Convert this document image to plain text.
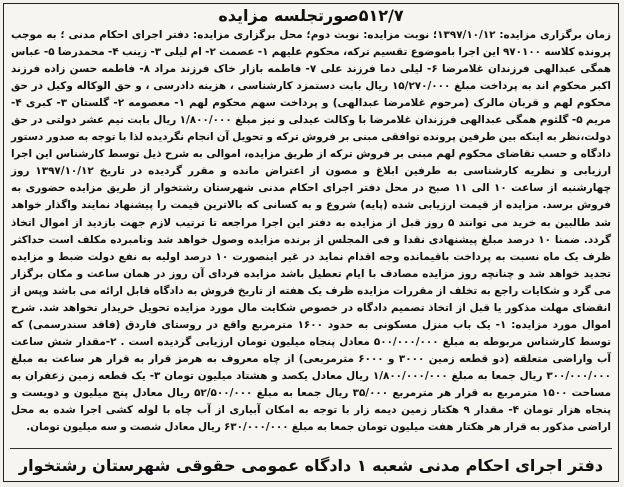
۵۱۲/۷صورتجلسه مزایده
زمان برگزاری مزایده: ۱۳۹۷/۱۰/۱۲؛ نوبت مزایده: نوبت دوم؛ محل برگزاری مزایده: دفتر اجرای احکام مدنی ؛ به موجب پرونده کلاسه ۹۷۰۱۰۰ این اجرا باموضوع تقسیم ترکه، محکوم علیهم ۱- عصمت ۲- ام لیلی ۳- زینب ۴- محمدرضا ۵- عباس همگی عبدالهی فرزندان غلامرضا ۶- لیلی دما فرزند علی ۷- فاطمه بازار خاک فرزند مراد ۸- فاطمه حسن زاده فرزند اکبر محکوم اند به پرداخت مبلغ ۱۵/۲۷۰/۰۰۰ ریال بابت دستمزد کارشناسی ، هزینه دادرسی ، و حق الوکاله وکیل در حق محکوم لهم و قربان مالرک (مرحوم غلامرضا عبدالهی) و پرداخت سهم محکوم لهم ۱- معصومه ۲- گلستان ۳- کبری ۴- مریم ۵- گلثوم همگی عبدالهی فرزندان غلامرضا با وکالت عیدلی و نیز مبلغ ۱/۸۰۰/۰۰۰ ریال بابت نیم عشر دولتی در حق دولت،نظر به اینکه بین طرفین پرونده توافقی مبنی بر فروش ترکه و تحویل آن انجام نگردیده لذا با توجه به صدور دستور دادگاه و حسب تقاضای محکوم لهم مبنی بر فروش ترکه از طریق مزایده، اموالی به شرح ذیل توسط کارشناس این اجرا ارزیابی و نظریه کارشناسی به طرفین ابلاغ و مصون از اعتراض مانده و مقرر گردیده در تاریخ ۱۳۹۷/۱۰/۱۲ روز چهارشنبه از ساعت ۱۰ الی ۱۱ صبح در محل دفتر اجرای احکام مدنی شهرستان رشتخوار از طریق مزایده حضوری به فروش برسد. مزایده از قیمت ارزیابی شده (پایه) شروع و به کسانی که بالاترین قیمت را پیشنهاد نمایند واگذار خواهد شد طالبین به خرید می توانند ۵ روز قبل از مزایده به دفتر این اجرا مراجعه تا ترتیب لازم جهت بازدید از اموال اتخاذ گردد. ضمنا ۱۰ درصد مبلغ پیشنهادی نقدا و فی المجلس از برنده مزایده وصول خواهد شد ونامبرده مکلف است حداکثر ظرف یک ماه نسبت به پرداخت باقیمانده وجه اقدام نماید در غیر اینصورت ۱۰ درصد اولیه به نفع دولت ضبط و مزایده تجدید خواهد شد و چنانچه روز مزایده مصادف با ایام تعطیل باشد مزایده فردای آن روز در همان ساعت و مکان برگزار می گرد و شکایات راجع به تخلف از مقررات مزایده ظرف یک هفته از تاریخ فروش به دادگاه قابل ارائه می باشد وپس از انقضای مهلت مذکور یا قبل از اتخاذ تصمیم دادگاه در خصوص شکایت مال مورد مزایده تحویل خریدار نخواهد شد. شرح اموال مورد مزایده: ۱- یک باب منزل مسکونی به حدود ۱۶۰۰ مترمربع واقع در روستای فاردق (فاقد سندرسمی) که توسط کارشناس مربوطه به مبلغ ۵۰۰/۰۰۰/۰۰۰ معادل پنجاه میلیون تومان ارزیابی گردیده است . ۲-مقدار شش ساعت آب واراضی متعلقه (دو قطعه زمین ۳۰۰۰ و ۶۰۰۰ مترمربعی) از چاه معروف به هرمز قرار به قرار هر ساعت به مبلغ ۳۰۰/۰۰۰/۰۰۰ ریال جمعا به مبلغ ۱/۸۰۰/۰۰۰/۰۰۰ ریال معادل یکصد و هشتاد میلیون تومان ۳- یک قطعه زمین زعفران به مساحت ۱۵۰۰ مترمربع به قرار هر مترمربع ۳۵/۰۰۰ ریال جمعا به مبلغ ۵۲/۵۰۰/۰۰۰ ریال معادل پنج میلیون و دویست و پنجاه هزار تومان ۴- مقدار ۹ هکتار زمین دیمه زار با توجه به امکان آبیاری از آب چاه با لوله کشی اجرا شده به محل اراضی مذکور به قرار هر هکتار هفت میلیون تومان جمعا به مبلغ ۶۳۰/۰۰۰/۰۰۰ ریال معادل شصت و سه میلیون تومان.
دفتر اجرای احکام مدنی شعبه ۱ دادگاه عمومی حقوقی شهرستان رشتخوار
